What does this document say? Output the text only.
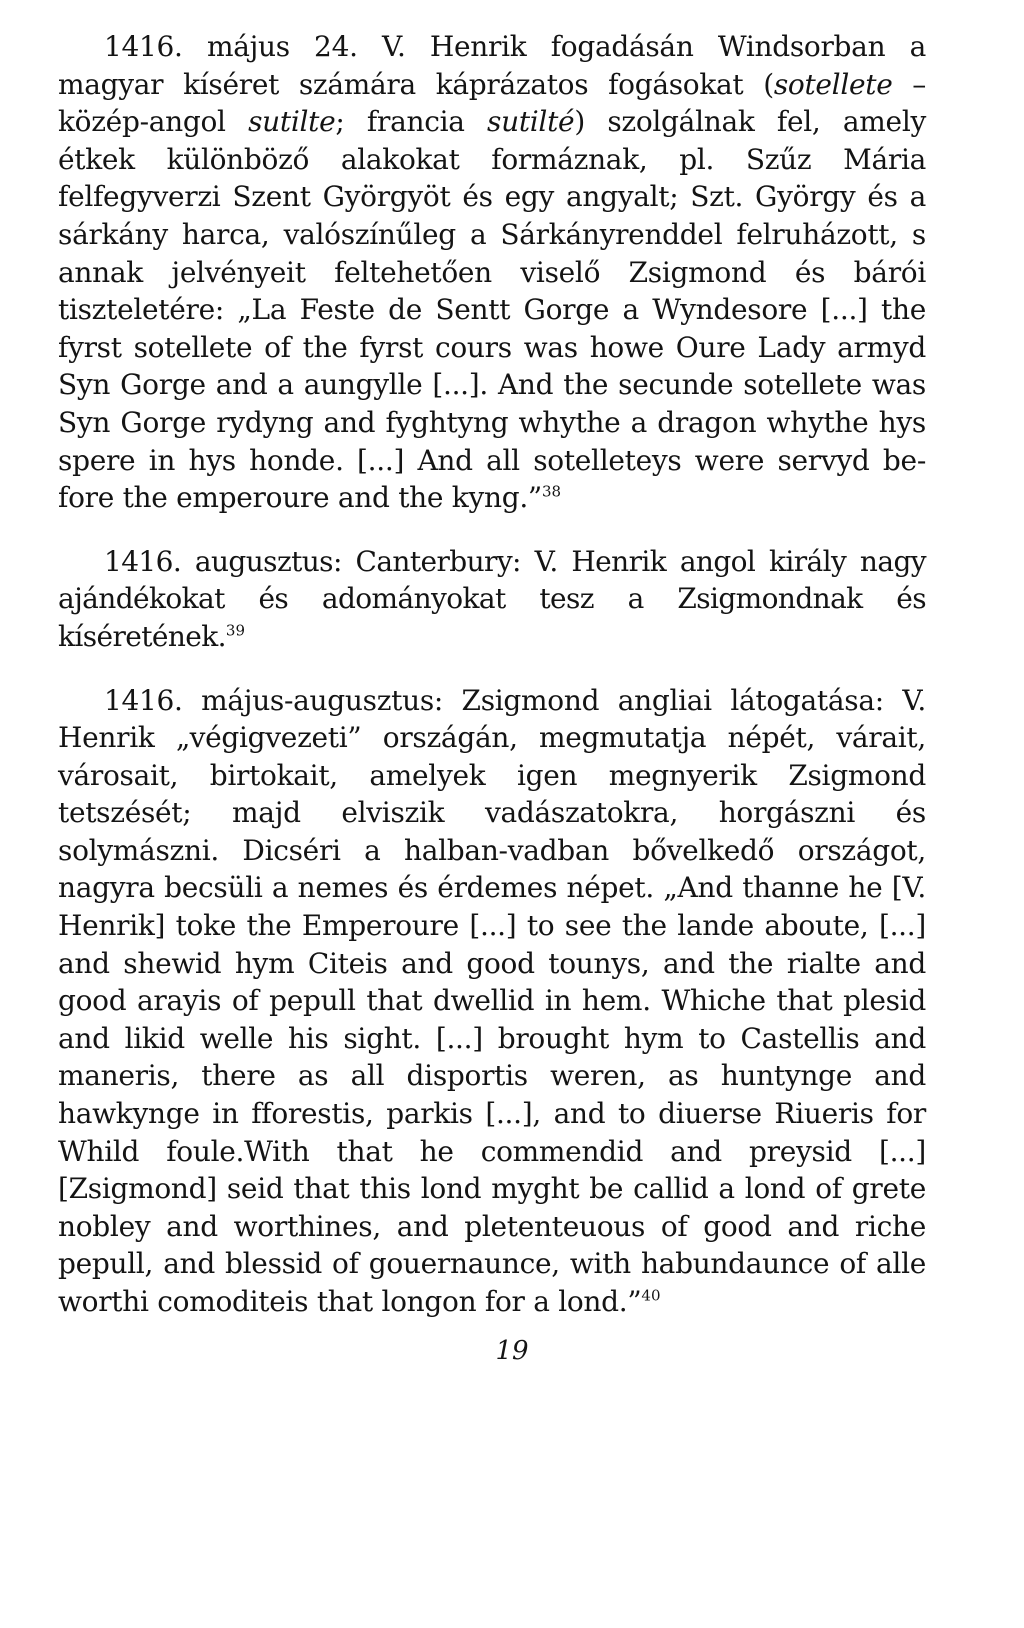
1416. május 24. V. Henrik fogadásán Windsorban a magyar kíséret számára káprázatos fogásokat (sotellete – közép-angol sutilte; francia sutilté) szolgálnak fel, amely étkek különböző alakokat formáznak, pl. Szűz Mária felfegyverzi Szent Györgyöt és egy angyalt; Szt. György és a sárkány harca, valószínűleg a Sárkányrenddel felruházott, s annak jelvényeit feltehetően viselő Zsigmond és bárói tiszteletére: „La Feste de Sentt Gorge a Wyndesore [...] the fyrst sotellete of the fyrst cours was howe Oure Lady armyd Syn Gorge and a aungylle [...]. And the secunde sotellete was Syn Gorge rydyng and fyghtyng whythe a dragon whythe hys spere in hys honde. [...] And all sotelleteys were servyd be-fore the emperoure and the kyng.”$^{38}$

1416. augusztus: Canterbury: V. Henrik angol király nagy ajándékokat és adományokat tesz a Zsigmondnak és kíséretének.$^{39}$

1416. május-augusztus: Zsigmond angliai látogatása: V. Henrik „végigvezeti” országán, megmutatja népét, várait, városait, birtokait, amelyek igen megnyerik Zsigmond tetszését; majd elviszik vadászatokra, horgászni és solymászni. Dicséri a halban-vadban bővelkedő országot, nagyra becsüli a nemes és érdemes népet. „And thanne he [V. Henrik] toke the Emperoure [...] to see the lande aboute, [...] and shewid hym Citeis and good tounys, and the rialte and good arayis of pepull that dwellid in hem. Whiche that plesid and likid welle his sight. [...] brought hym to Castellis and maneris, there as all disportis weren, as huntynge and hawkynge in fforestis, parkis [...], and to diuerse Riueris for Whild foule.With that he commendid and preysid [...] [Zsigmond] seid that this lond myght be callid a lond of grete nobley and worthines, and pletenteuous of good and riche pepull, and blessid of gouernaunce, with habundaunce of alle worthi comoditeis that longon for a lond.”$^{40}$

19
